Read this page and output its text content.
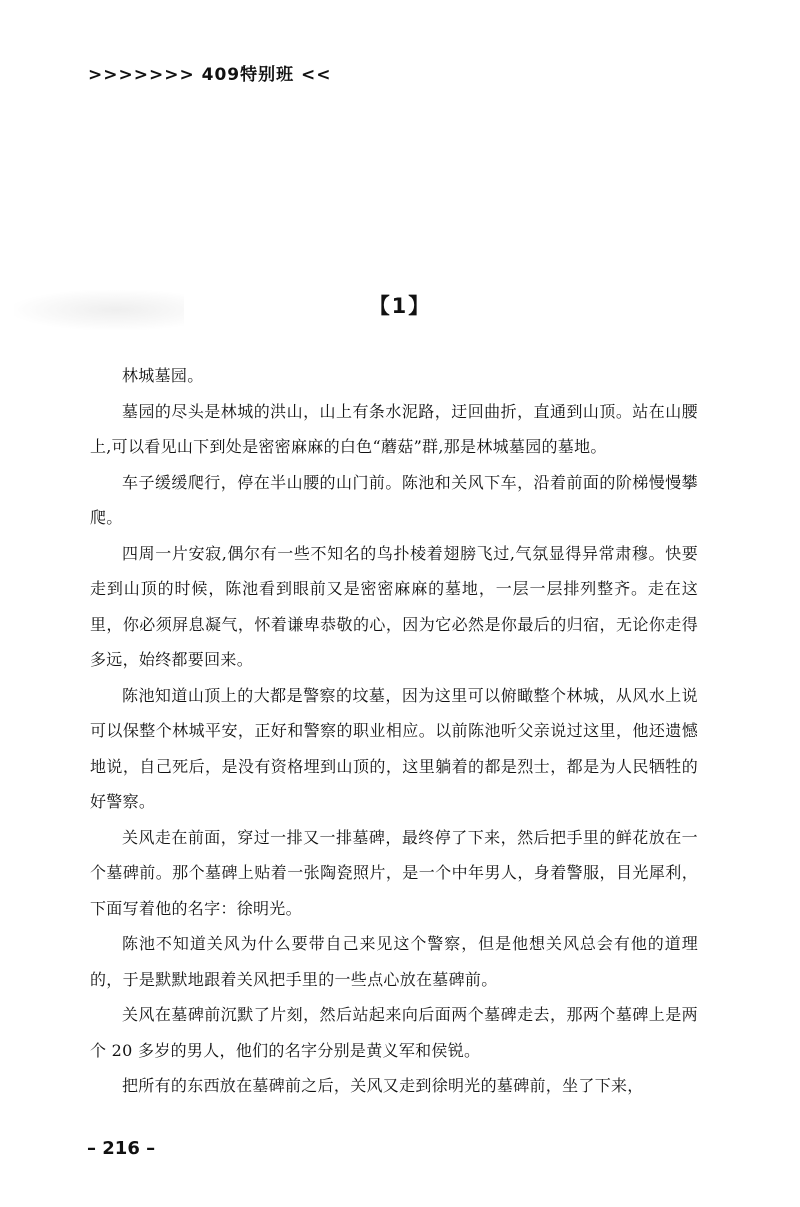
>>>>>>> 409特别班 <<
【1】

林城墓园。

墓园的尽头是林城的洪山，山上有条水泥路，迂回曲折，直通到山顶。站在山腰上,可以看见山下到处是密密麻麻的白色“蘑菇”群,那是林城墓园的墓地。

车子缓缓爬行，停在半山腰的山门前。陈池和关风下车，沿着前面的阶梯慢慢攀爬。

四周一片安寂,偶尔有一些不知名的鸟扑棱着翅膀飞过,气氛显得异常肃穆。快要走到山顶的时候，陈池看到眼前又是密密麻麻的墓地，一层一层排列整齐。走在这里，你必须屏息凝气，怀着谦卑恭敬的心，因为它必然是你最后的归宿，无论你走得多远，始终都要回来。

陈池知道山顶上的大都是警察的坟墓，因为这里可以俯瞰整个林城，从风水上说可以保整个林城平安，正好和警察的职业相应。以前陈池听父亲说过这里，他还遗憾地说，自己死后，是没有资格埋到山顶的，这里躺着的都是烈士，都是为人民牺牲的好警察。

关风走在前面，穿过一排又一排墓碑，最终停了下来，然后把手里的鲜花放在一个墓碑前。那个墓碑上贴着一张陶瓷照片，是一个中年男人，身着警服，目光犀利，下面写着他的名字：徐明光。

陈池不知道关风为什么要带自己来见这个警察，但是他想关风总会有他的道理的，于是默默地跟着关风把手里的一些点心放在墓碑前。

关风在墓碑前沉默了片刻，然后站起来向后面两个墓碑走去，那两个墓碑上是两个 20 多岁的男人，他们的名字分别是黄义军和侯锐。

把所有的东西放在墓碑前之后，关风又走到徐明光的墓碑前，坐了下来，

– 216 –
